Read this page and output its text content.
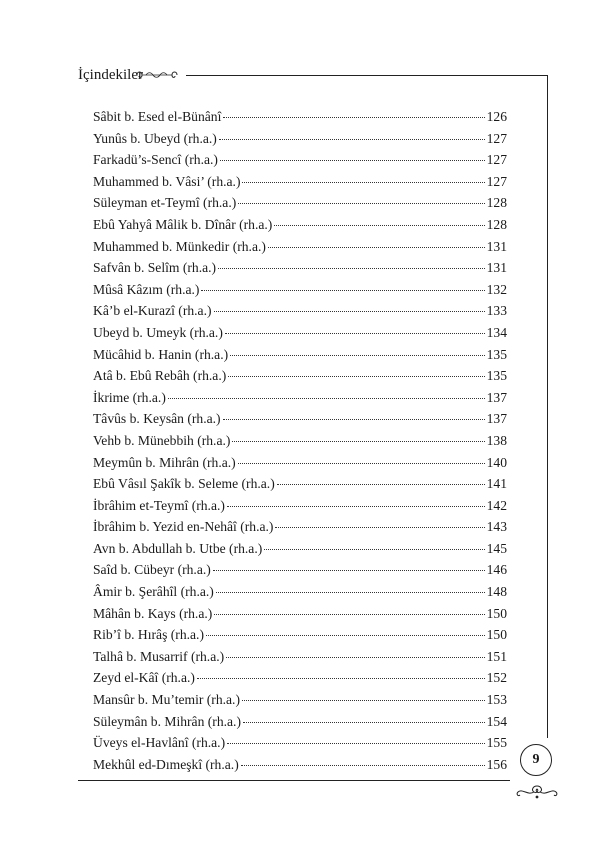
İçindekiler
Sâbit b. Esed el-Bünânî	126
Yunûs b. Ubeyd (rh.a.)	127
Farkadü’s-Sencî (rh.a.)	127
Muhammed b. Vâsi’ (rh.a.)	127
Süleyman et-Teymî (rh.a.)	128
Ebû Yahyâ Mâlik b. Dînâr (rh.a.)	128
Muhammed b. Münkedir (rh.a.)	131
Safvân b. Selîm (rh.a.)	131
Mûsâ Kâzım (rh.a.)	132
Kâ’b el-Kurazî (rh.a.)	133
Ubeyd b. Umeyk (rh.a.)	134
Mücâhid b. Hanin (rh.a.)	135
Atâ b. Ebû Rebâh (rh.a.)	135
İkrime (rh.a.)	137
Tâvûs b. Keysân (rh.a.)	137
Vehb b. Münebbih (rh.a.)	138
Meymûn b. Mihrân (rh.a.)	140
Ebû Vâsıl Şakîk b. Seleme (rh.a.)	141
İbrâhim et-Teymî (rh.a.)	142
İbrâhim b. Yezid en-Nehâî (rh.a.)	143
Avn b. Abdullah b. Utbe (rh.a.)	145
Saîd b. Cübeyr (rh.a.)	146
Âmir b. Şerâhîl (rh.a.)	148
Mâhân b. Kays (rh.a.)	150
Rib’î b. Hırâş (rh.a.)	150
Talhâ b. Musarrif (rh.a.)	151
Zeyd el-Kâî (rh.a.)	152
Mansûr b. Mu’temir (rh.a.)	153
Süleymân b. Mihrân (rh.a.)	154
Üveys el-Havlânî (rh.a.)	155
Mekhûl ed-Dımeşkî (rh.a.)	156 9
